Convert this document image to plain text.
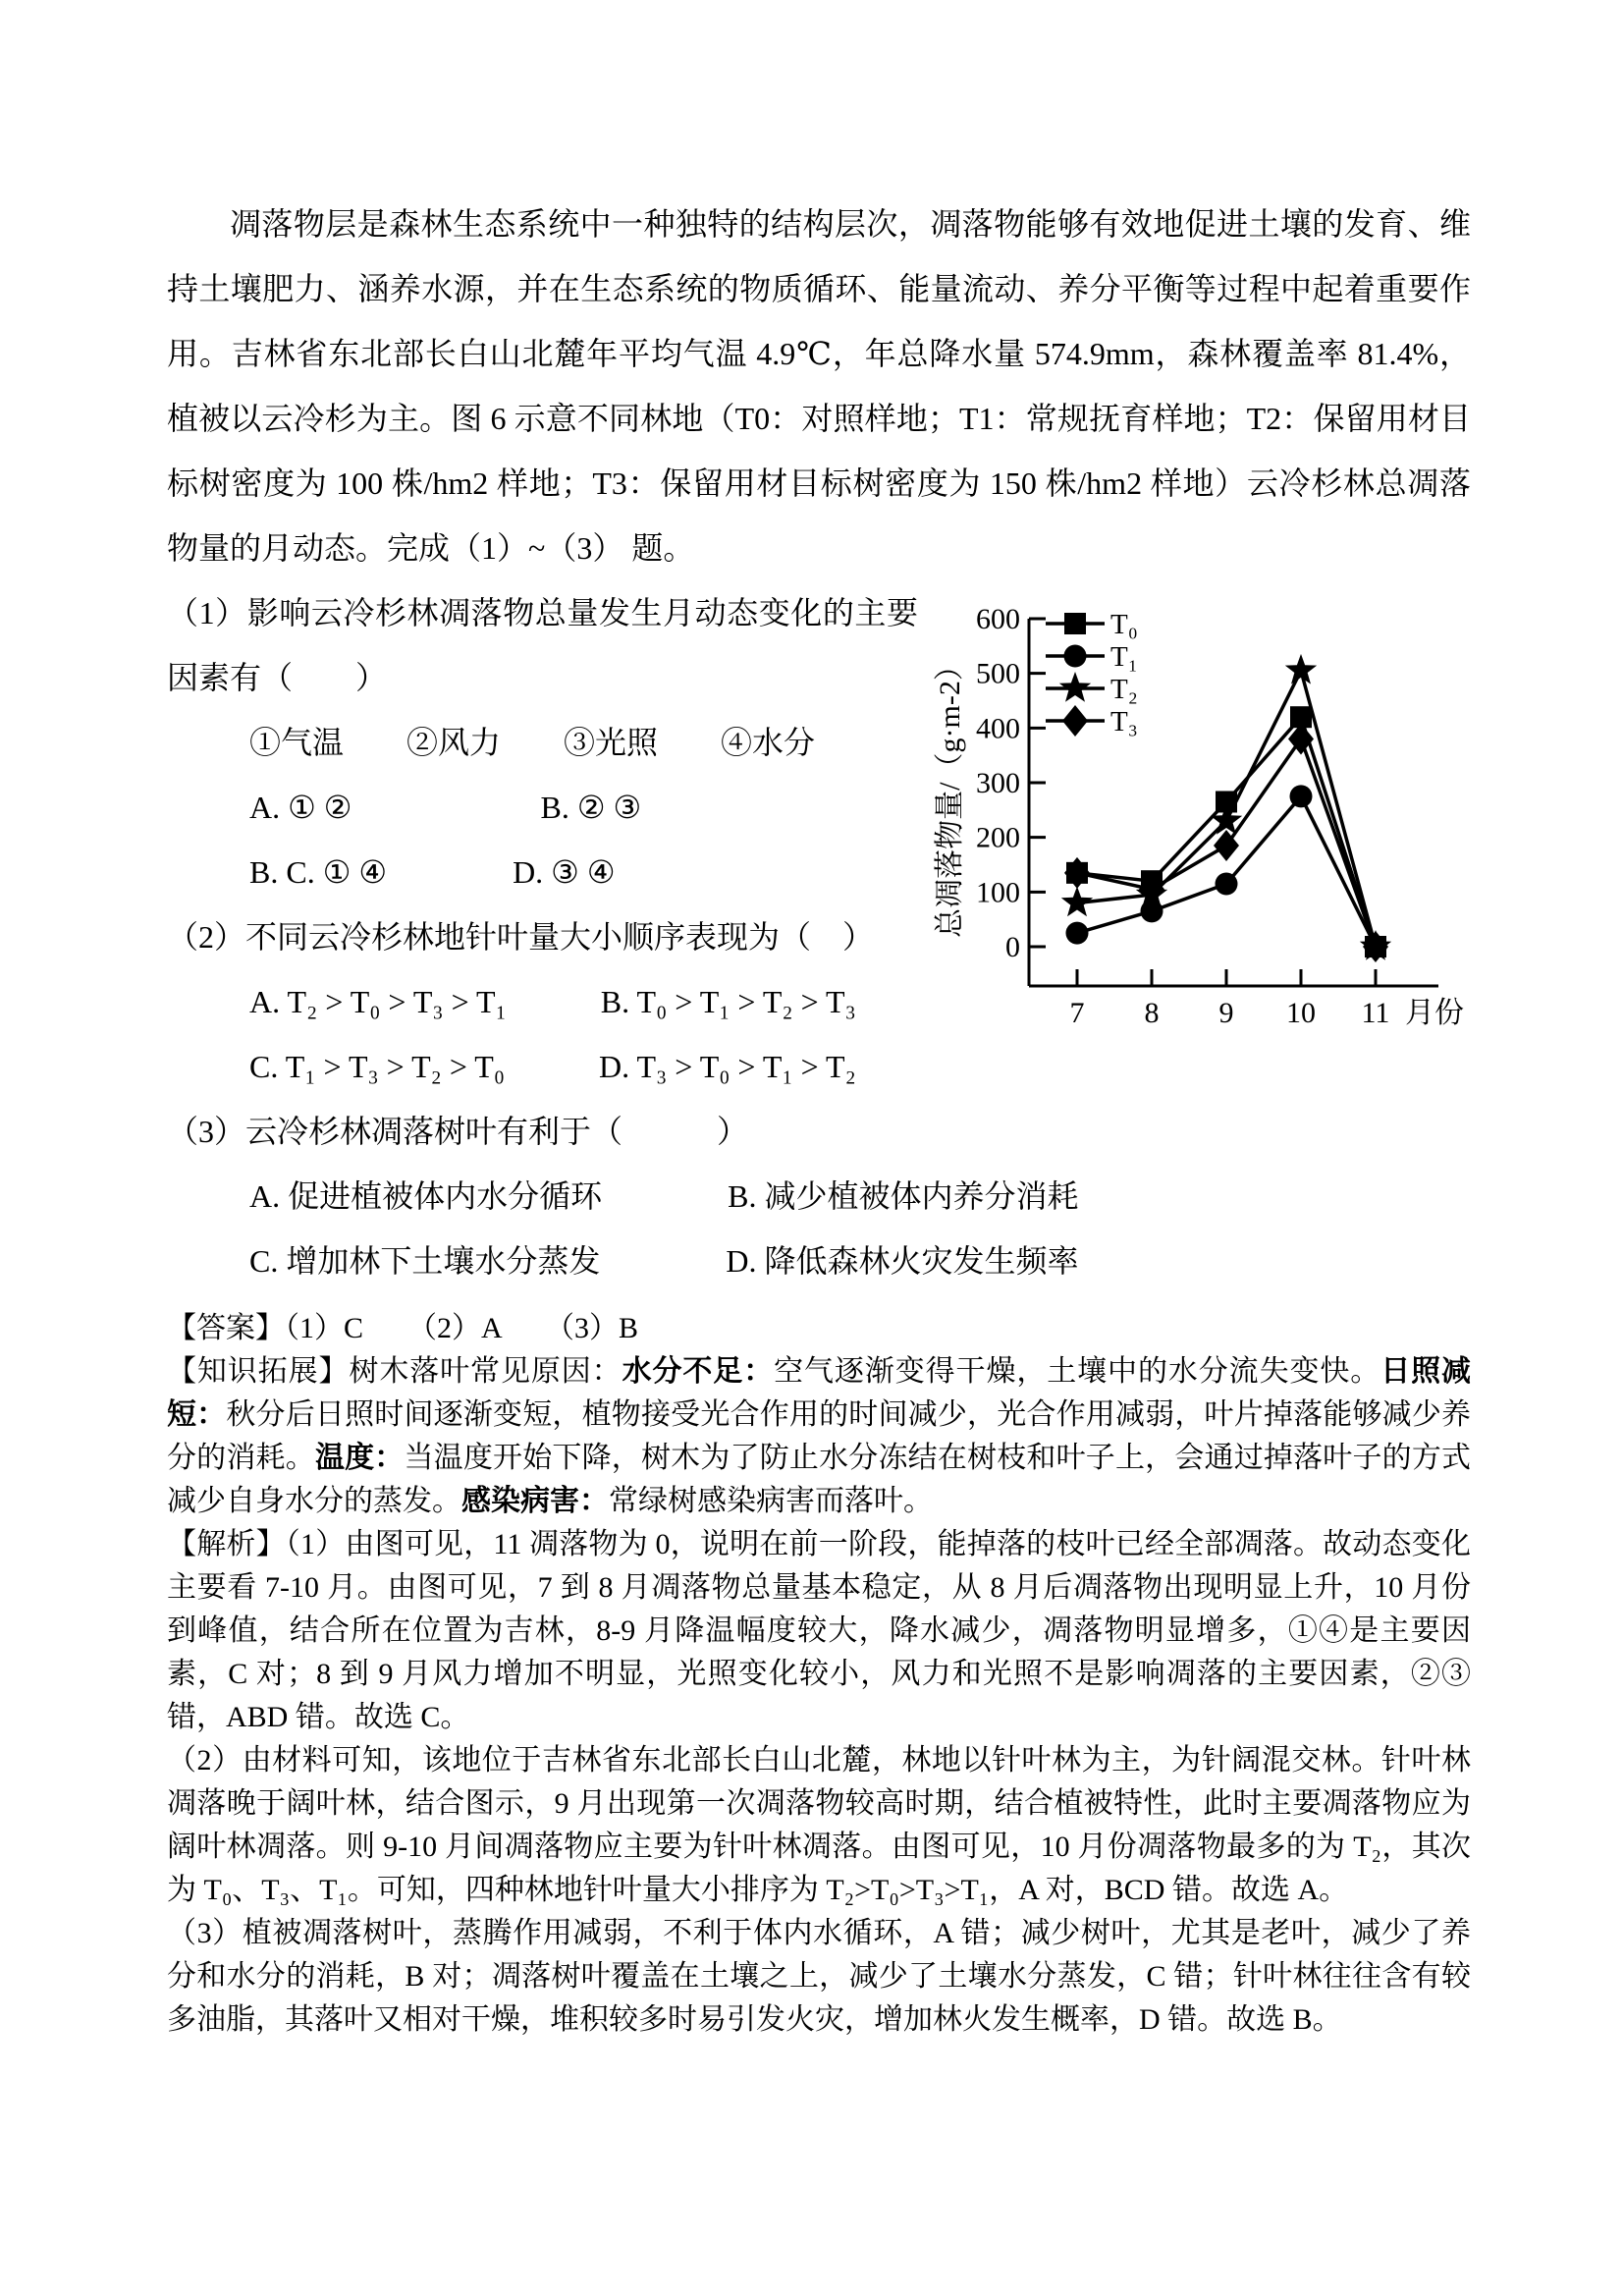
凋落物层是森林生态系统中一种独特的结构层次，凋落物能够有效地促进土壤的发育、维持土壤肥力、涵养水源，并在生态系统的物质循环、能量流动、养分平衡等过程中起着重要作用。吉林省东北部长白山北麓年平均气温 4.9℃，年总降水量 574.9mm，森林覆盖率 81.4%，植被以云冷杉为主。图 6 示意不同林地（T0：对照样地；T1：常规抚育样地；T2：保留用材目标树密度为 100 株/hm2 样地；T3：保留用材目标树密度为 150 株/hm2 样地）云冷杉林总凋落物量的月动态。完成（1）~（3） 题。

0
100
200
300
400
500
600
7 8 9 10 11 月份
总凋落物量/（g·m-2）
T₀
T₁
T₂
T₃

（1）影响云冷杉林凋落物总量发生月动态变化的主要因素有（　　）

①气温　　②风力　　③光照　　④水分

A. ① ②　　　　　　B. ② ③

B. C. ① ④　　　　D. ③ ④

（2）不同云冷杉林地针叶量大小顺序表现为（　）

A. T₂ > T₀ > T₃ > T₁　　　B. T₀ > T₁ > T₂ > T₃

C. T₁ > T₃ > T₂ > T₀　　　D. T₃ > T₀ > T₁ > T₂

（3）云冷杉林凋落树叶有利于（　　　）

A. 促进植被体内水分循环　　　　B. 减少植被体内养分消耗

C. 增加林下土壤水分蒸发　　　　D. 降低森林火灾发生频率

【答案】（1）C　　（2）A　　（3）B

【知识拓展】树木落叶常见原因：水分不足：空气逐渐变得干燥，土壤中的水分流失变快。日照减短：秋分后日照时间逐渐变短，植物接受光合作用的时间减少，光合作用减弱，叶片掉落能够减少养分的消耗。温度：当温度开始下降，树木为了防止水分冻结在树枝和叶子上，会通过掉落叶子的方式减少自身水分的蒸发。感染病害：常绿树感染病害而落叶。

【解析】（1）由图可见，11 凋落物为 0，说明在前一阶段，能掉落的枝叶已经全部凋落。故动态变化主要看 7-10 月。由图可见，7 到 8 月凋落物总量基本稳定，从 8 月后凋落物出现明显上升，10 月份到峰值，结合所在位置为吉林，8-9 月降温幅度较大，降水减少，凋落物明显增多，①④是主要因素，C 对；8 到 9 月风力增加不明显，光照变化较小，风力和光照不是影响凋落的主要因素，②③错，ABD 错。故选 C。

（2）由材料可知，该地位于吉林省东北部长白山北麓，林地以针叶林为主，为针阔混交林。针叶林凋落晚于阔叶林，结合图示，9 月出现第一次凋落物较高时期，结合植被特性，此时主要凋落物应为阔叶林凋落。则 9-10 月间凋落物应主要为针叶林凋落。由图可见，10 月份凋落物最多的为 T₂，其次为 T₀、T₃、T₁。可知，四种林地针叶量大小排序为 T₂>T₀>T₃>T₁，A 对，BCD 错。故选 A。

（3）植被凋落树叶，蒸腾作用减弱，不利于体内水循环，A 错；减少树叶，尤其是老叶，减少了养分和水分的消耗，B 对；凋落树叶覆盖在土壤之上，减少了土壤水分蒸发，C 错；针叶林往往含有较多油脂，其落叶又相对干燥，堆积较多时易引发火灾，增加林火发生概率，D 错。故选 B。
